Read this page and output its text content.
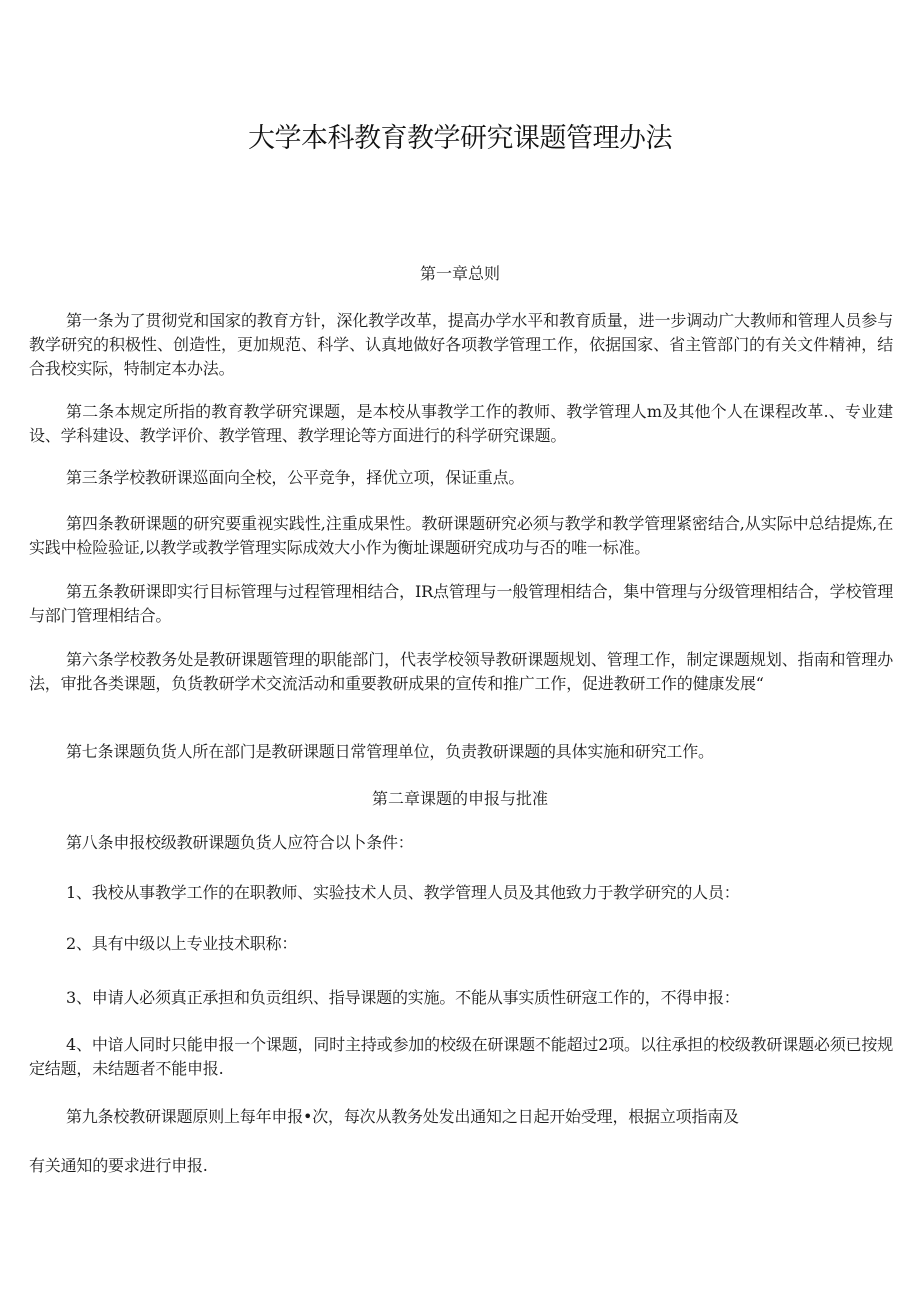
大学本科教育教学研究课题管理办法
第一章总则

第一条为了贯彻党和国家的教育方针，深化教学改革，提高办学水平和教育质量，进一步调动广大教师和管理人员参与教学研究的积极性、创造性，更加规范、科学、认真地做好各项教学管理工作，依据国家、省主管部门的有关文件精神，结合我校实际，特制定本办法。

第二条本规定所指的教育教学研究课题，是本校从事教学工作的教师、教学管理人m及其他个人在课程改革.、专业建设、学科建设、教学评价、教学管理、教学理论等方面进行的科学研究课题。

第三条学校教研课巡面向全校，公平竞争，择优立项，保证重点。

第四条教研课题的研究要重视实践性,注重成果性。教研课题研究必须与教学和教学管理紧密结合,从实际中总结提炼,在实践中检险验证,以教学或教学管理实际成效大小作为衡址课题研究成功与否的唯一标准。

第五条教研课即实行目标管理与过程管理相结合，IR点管理与一般管理相结合，集中管理与分级管理相结合，学校管理与部门管理相结合。

第六条学校教务处是教研课题管理的职能部门，代表学校领导教研课题规划、管理工作，制定课题规划、指南和管理办法，审批各类课题，负货教研学术交流活动和重要教研成果的宣传和推广工作，促进教研工作的健康发展“

第七条课题负货人所在部门是教研课题日常管理单位，负责教研课题的具体实施和研究工作。

第二章课题的申报与批准

第八条申报校级教研课题负货人应符合以卜条件：

1、我校从事教学工作的在职教师、实验技术人员、教学管理人员及其他致力于教学研究的人员：

2、具有中级以上专业技术职称：

3、申请人必须真正承担和负贡组织、指导课题的实施。不能从事实质性研寇工作的，不得申报：

4、中谙人同时只能申报一个课题，同时主持或参加的校级在研课题不能超过2项。以往承担的校级教研课题必须已按规定结题，未结题者不能申报.

第九条校教研课题原则上每年申报•次，每次从教务处发出通知之日起开始受理，根据立项指南及

有关通知的要求进行申报.
